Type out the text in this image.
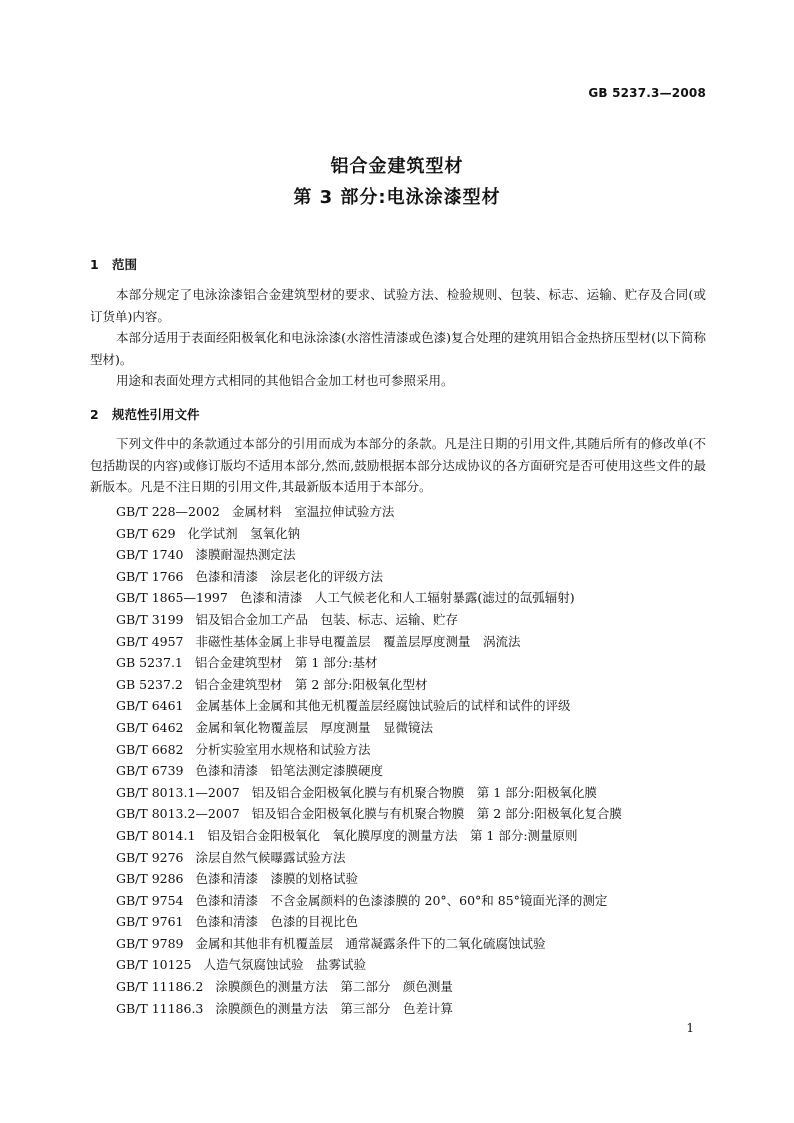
GB 5237.3—2008
铝合金建筑型材
第 3 部分:电泳涂漆型材
1 范围
本部分规定了电泳涂漆铝合金建筑型材的要求、试验方法、检验规则、包装、标志、运输、贮存及合同(或订货单)内容。
本部分适用于表面经阳极氧化和电泳涂漆(水溶性清漆或色漆)复合处理的建筑用铝合金热挤压型材(以下简称型材)。
用途和表面处理方式相同的其他铝合金加工材也可参照采用。
2 规范性引用文件
下列文件中的条款通过本部分的引用而成为本部分的条款。凡是注日期的引用文件,其随后所有的修改单(不包括勘误的内容)或修订版均不适用本部分,然而,鼓励根据本部分达成协议的各方面研究是否可使用这些文件的最新版本。凡是不注日期的引用文件,其最新版本适用于本部分。
GB/T 228—2002 金属材料　室温拉伸试验方法
GB/T 629 化学试剂　氢氧化钠
GB/T 1740 漆膜耐湿热测定法
GB/T 1766 色漆和清漆　涂层老化的评级方法
GB/T 1865—1997 色漆和清漆　人工气候老化和人工辐射暴露(滤过的氙弧辐射)
GB/T 3199 铝及铝合金加工产品　包装、标志、运输、贮存
GB/T 4957 非磁性基体金属上非导电覆盖层　覆盖层厚度测量　涡流法
GB 5237.1 铝合金建筑型材　第 1 部分:基材
GB 5237.2 铝合金建筑型材　第 2 部分:阳极氧化型材
GB/T 6461 金属基体上金属和其他无机覆盖层经腐蚀试验后的试样和试件的评级
GB/T 6462 金属和氧化物覆盖层　厚度测量　显微镜法
GB/T 6682 分析实验室用水规格和试验方法
GB/T 6739 色漆和清漆　铅笔法测定漆膜硬度
GB/T 8013.1—2007 铝及铝合金阳极氧化膜与有机聚合物膜　第 1 部分:阳极氧化膜
GB/T 8013.2—2007 铝及铝合金阳极氧化膜与有机聚合物膜　第 2 部分:阳极氧化复合膜
GB/T 8014.1 铝及铝合金阳极氧化　氧化膜厚度的测量方法　第 1 部分:测量原则
GB/T 9276 涂层自然气候曝露试验方法
GB/T 9286 色漆和清漆　漆膜的划格试验
GB/T 9754 色漆和清漆　不含金属颜料的色漆漆膜的 20°、60°和 85°镜面光泽的测定
GB/T 9761 色漆和清漆　色漆的目视比色
GB/T 9789 金属和其他非有机覆盖层　通常凝露条件下的二氧化硫腐蚀试验
GB/T 10125 人造气氛腐蚀试验　盐雾试验
GB/T 11186.2 涂膜颜色的测量方法　第二部分　颜色测量
GB/T 11186.3 涂膜颜色的测量方法　第三部分　色差计算
1
